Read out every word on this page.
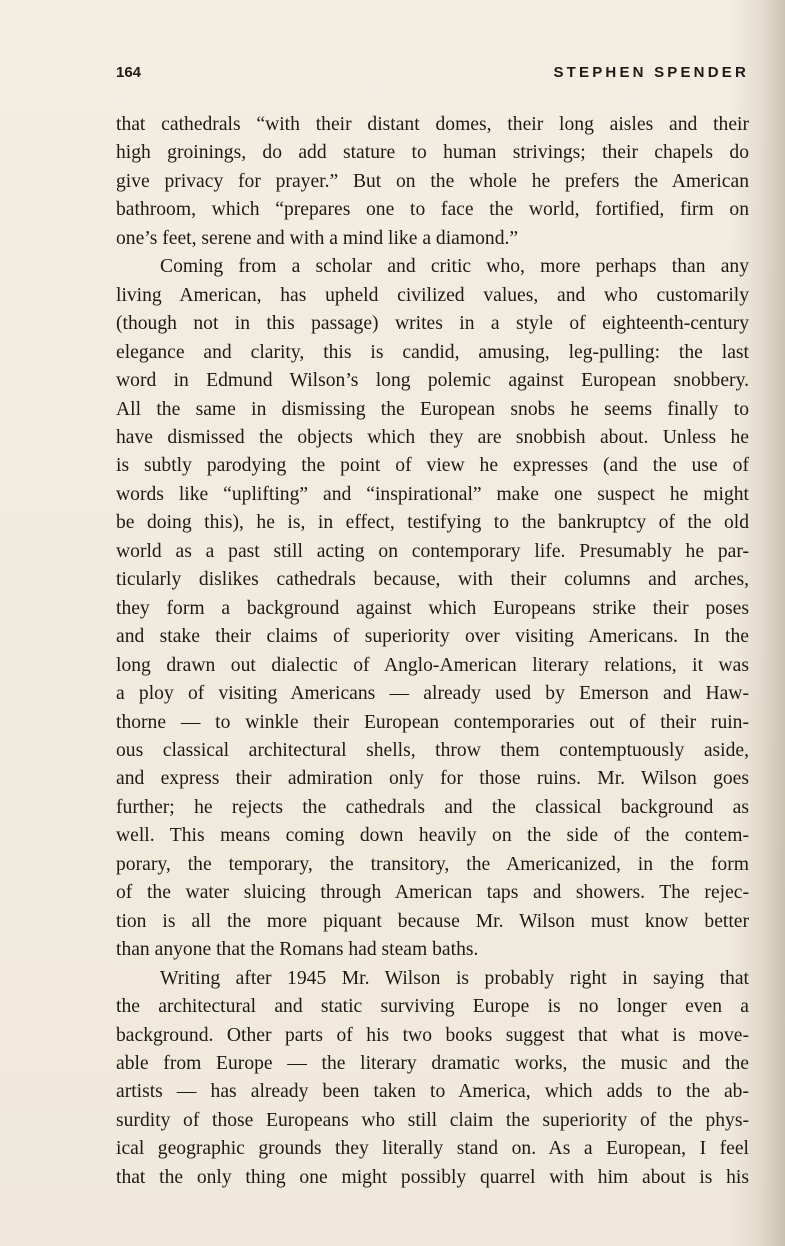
164	STEPHEN SPENDER

that cathedrals “with their distant domes, their long aisles and their
high groinings, do add stature to human strivings; their chapels do
give privacy for prayer.” But on the whole he prefers the American
bathroom, which “prepares one to face the world, fortified, firm on
one’s feet, serene and with a mind like a diamond.”

Coming from a scholar and critic who, more perhaps than any
living American, has upheld civilized values, and who customarily
(though not in this passage) writes in a style of eighteenth-century
elegance and clarity, this is candid, amusing, leg-pulling: the last
word in Edmund Wilson’s long polemic against European snobbery.
All the same in dismissing the European snobs he seems finally to
have dismissed the objects which they are snobbish about. Unless he
is subtly parodying the point of view he expresses (and the use of
words like “uplifting” and “inspirational” make one suspect he might
be doing this), he is, in effect, testifying to the bankruptcy of the old
world as a past still acting on contemporary life. Presumably he par-
ticularly dislikes cathedrals because, with their columns and arches,
they form a background against which Europeans strike their poses
and stake their claims of superiority over visiting Americans. In the
long drawn out dialectic of Anglo-American literary relations, it was
a ploy of visiting Americans — already used by Emerson and Haw-
thorne — to winkle their European contemporaries out of their ruin-
ous classical architectural shells, throw them contemptuously aside,
and express their admiration only for those ruins. Mr. Wilson goes
further; he rejects the cathedrals and the classical background as
well. This means coming down heavily on the side of the contem-
porary, the temporary, the transitory, the Americanized, in the form
of the water sluicing through American taps and showers. The rejec-
tion is all the more piquant because Mr. Wilson must know better
than anyone that the Romans had steam baths.

Writing after 1945 Mr. Wilson is probably right in saying that
the architectural and static surviving Europe is no longer even a
background. Other parts of his two books suggest that what is move-
able from Europe — the literary dramatic works, the music and the
artists — has already been taken to America, which adds to the ab-
surdity of those Europeans who still claim the superiority of the phys-
ical geographic grounds they literally stand on. As a European, I feel
that the only thing one might possibly quarrel with him about is his
